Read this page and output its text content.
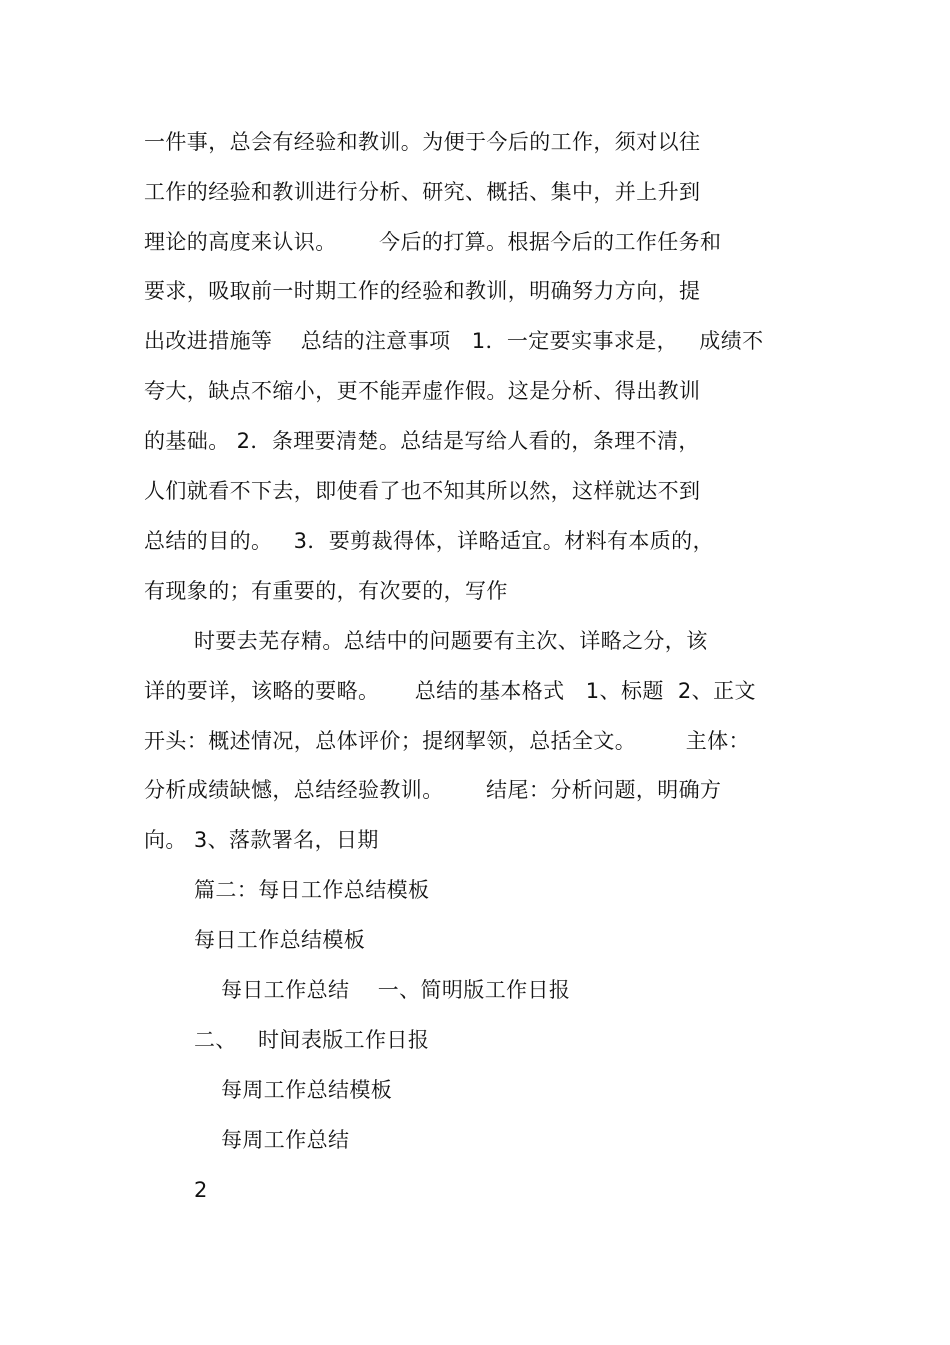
一件事，总会有经验和教训。为便于今后的工作，须对以往
工作的经验和教训进行分析、研究、概括、集中，并上升到
理论的高度来认识。      今后的打算。根据今后的工作任务和
要求，吸取前一时期工作的经验和教训，明确努力方向，提
出改进措施等    总结的注意事项   1．一定要实事求是，   成绩不
夸大，缺点不缩小，更不能弄虚作假。这是分析、得出教训
的基础。 2．条理要清楚。总结是写给人看的，条理不清，
人们就看不下去，即使看了也不知其所以然，这样就达不到
总结的目的。   3．要剪裁得体，详略适宜。材料有本质的，
有现象的；有重要的，有次要的，写作
时要去芜存精。总结中的问题要有主次、详略之分，该
详的要详，该略的要略。     总结的基本格式   1、标题  2、正文
开头：概述情况，总体评价；提纲挈领，总括全文。       主体：
分析成绩缺憾，总结经验教训。      结尾：分析问题，明确方
向。 3、落款署名，日期
篇二：每日工作总结模板
每日工作总结模板
每日工作总结    一、简明版工作日报
二、   时间表版工作日报
每周工作总结模板
每周工作总结
2
